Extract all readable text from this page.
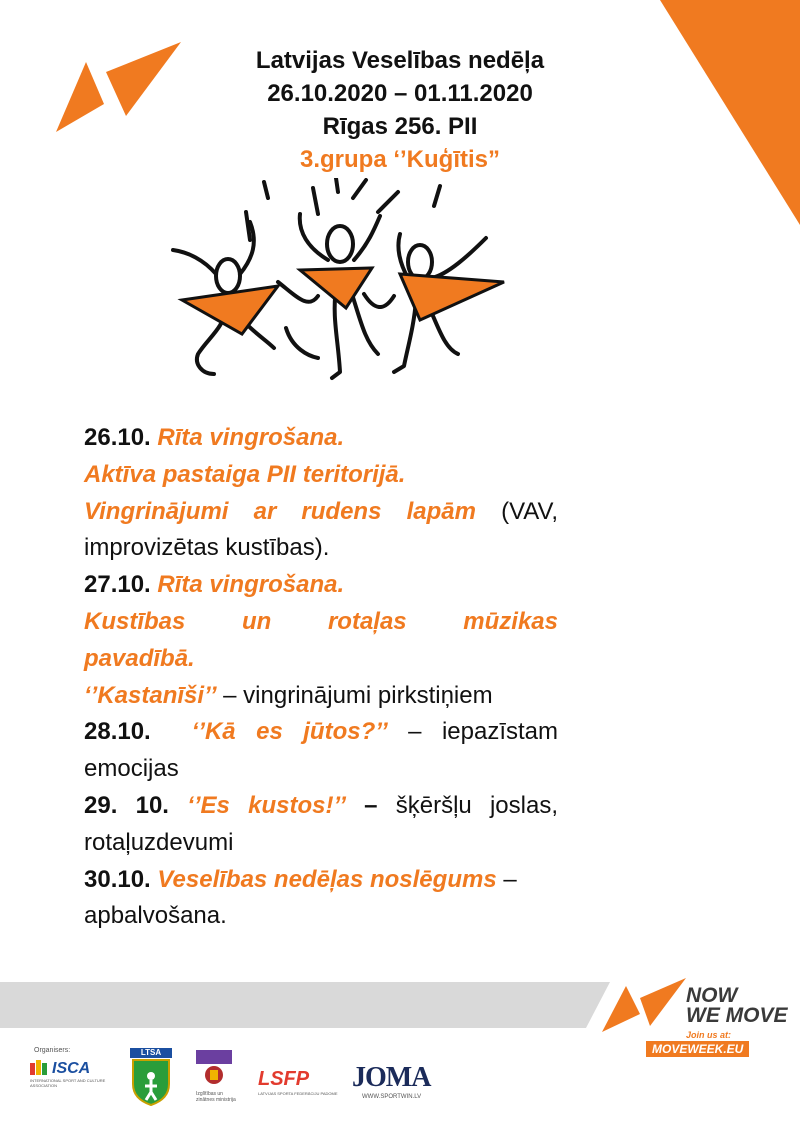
Latvijas Veselības nedēļa
26.10.2020 – 01.11.2020
Rīgas 256. PII
3.grupa ‘’Kuģītis”

26.10. Rīta vingrošana.

Aktīva pastaiga PII teritorijā.

Vingrinājumi ar rudens lapām (VAV, improvizētas kustības).

27.10. Rīta vingrošana.

Kustības un rotaļas mūzikas

pavadībā.

‘’Kastanīši’’ – vingrinājumi pirkstiņiem

28.10. ‘’Kā es jūtos?’’ – iepazīstam emocijas

29. 10. ‘’Es kustos!’’ – šķēršļu joslas, rotaļuzdevumi

30.10. Veselības nedēļas noslēgums – apbalvošana.

NOW
WE MOVE
Join us at:
MOVEWEEK.EU
Organisers:
ISCA
INTERNATIONAL SPORT AND CULTURE ASSOCIATION
LTSA
Izglītības un zinātnes ministrija
LSFP
LATVIJAS SPORTA FEDERĀCIJU PADOME
JOMA
WWW.SPORTWIN.LV
